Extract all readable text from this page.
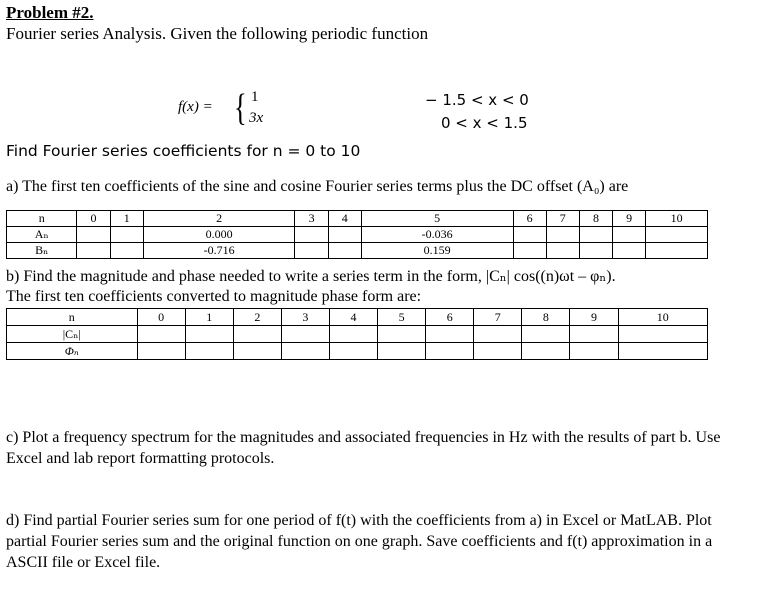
Problem #2.
Fourier series Analysis. Given the following periodic function
f(x) = { 1
3x
− 1.5 < x < 0
0 < x < 1.5
Find Fourier series coefficients for n = 0 to 10
a) The first ten coefficients of the sine and cosine Fourier series terms plus the DC offset (A₀) are
n	0	1	2	3	4	5	6	7	8	9	10
Aₙ			0.000			-0.036					
Bₙ			-0.716			0.159					
b) Find the magnitude and phase needed to write a series term in the form, |Cₙ| cos((n)ωt – φₙ).
The first ten coefficients converted to magnitude phase form are:
n	0	1	2	3	4	5	6	7	8	9	10
|Cₙ|											
Φₙ											
c) Plot a frequency spectrum for the magnitudes and associated frequencies in Hz with the results of part b. Use Excel and lab report formatting protocols.
d) Find partial Fourier series sum for one period of f(t) with the coefficients from a) in Excel or MatLAB. Plot partial Fourier series sum and the original function on one graph. Save coefficients and f(t) approximation in a ASCII file or Excel file.
